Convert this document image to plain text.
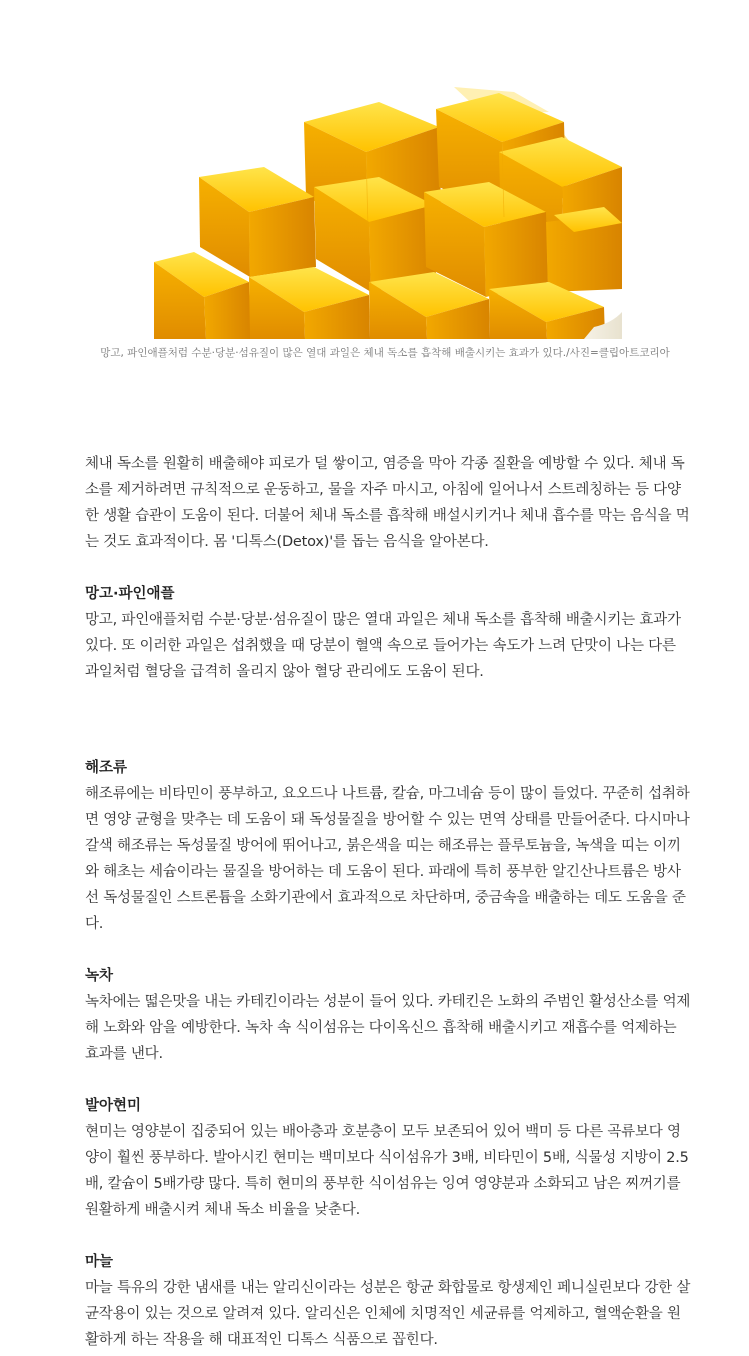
망고, 파인애플처럼 수분·당분·섬유질이 많은 열대 과일은 체내 독소를 흡착해 배출시키는 효과가 있다./사진=클립아트코리아

체내 독소를 원활히 배출해야 피로가 덜 쌓이고, 염증을 막아 각종 질환을 예방할 수 있다. 체내 독소를 제거하려면 규칙적으로 운동하고, 물을 자주 마시고, 아침에 일어나서 스트레칭하는 등 다양한 생활 습관이 도움이 된다. 더불어 체내 독소를 흡착해 배설시키거나 체내 흡수를 막는 음식을 먹는 것도 효과적이다. 몸 '디톡스(Detox)'를 돕는 음식을 알아본다.

망고·파인애플

망고, 파인애플처럼 수분·당분·섬유질이 많은 열대 과일은 체내 독소를 흡착해 배출시키는 효과가 있다. 또 이러한 과일은 섭취했을 때 당분이 혈액 속으로 들어가는 속도가 느려 단맛이 나는 다른 과일처럼 혈당을 급격히 올리지 않아 혈당 관리에도 도움이 된다.

해조류

해조류에는 비타민이 풍부하고, 요오드나 나트륨, 칼슘, 마그네슘 등이 많이 들었다. 꾸준히 섭취하면 영양 균형을 맞추는 데 도움이 돼 독성물질을 방어할 수 있는 면역 상태를 만들어준다. 다시마나 갈색 해조류는 독성물질 방어에 뛰어나고, 붉은색을 띠는 해조류는 플루토늄을, 녹색을 띠는 이끼와 해초는 세슘이라는 물질을 방어하는 데 도움이 된다. 파래에 특히 풍부한 알긴산나트륨은 방사선 독성물질인 스트론튬을 소화기관에서 효과적으로 차단하며, 중금속을 배출하는 데도 도움을 준다.

녹차

녹차에는 떫은맛을 내는 카테킨이라는 성분이 들어 있다. 카테킨은 노화의 주범인 활성산소를 억제해 노화와 암을 예방한다. 녹차 속 식이섬유는 다이옥신으 흡착해 배출시키고 재흡수를 억제하는 효과를 낸다.

발아현미

현미는 영양분이 집중되어 있는 배아층과 호분층이 모두 보존되어 있어 백미 등 다른 곡류보다 영양이 훨씬 풍부하다. 발아시킨 현미는 백미보다 식이섬유가 3배, 비타민이 5배, 식물성 지방이 2.5배, 칼슘이 5배가량 많다. 특히 현미의 풍부한 식이섬유는 잉여 영양분과 소화되고 남은 찌꺼기를 원활하게 배출시켜 체내 독소 비율을 낮춘다.

마늘

마늘 특유의 강한 냄새를 내는 알리신이라는 성분은 항균 화합물로 항생제인 페니실린보다 강한 살균작용이 있는 것으로 알려져 있다. 알리신은 인체에 치명적인 세균류를 억제하고, 혈액순환을 원활하게 하는 작용을 해 대표적인 디톡스 식품으로 꼽힌다.
